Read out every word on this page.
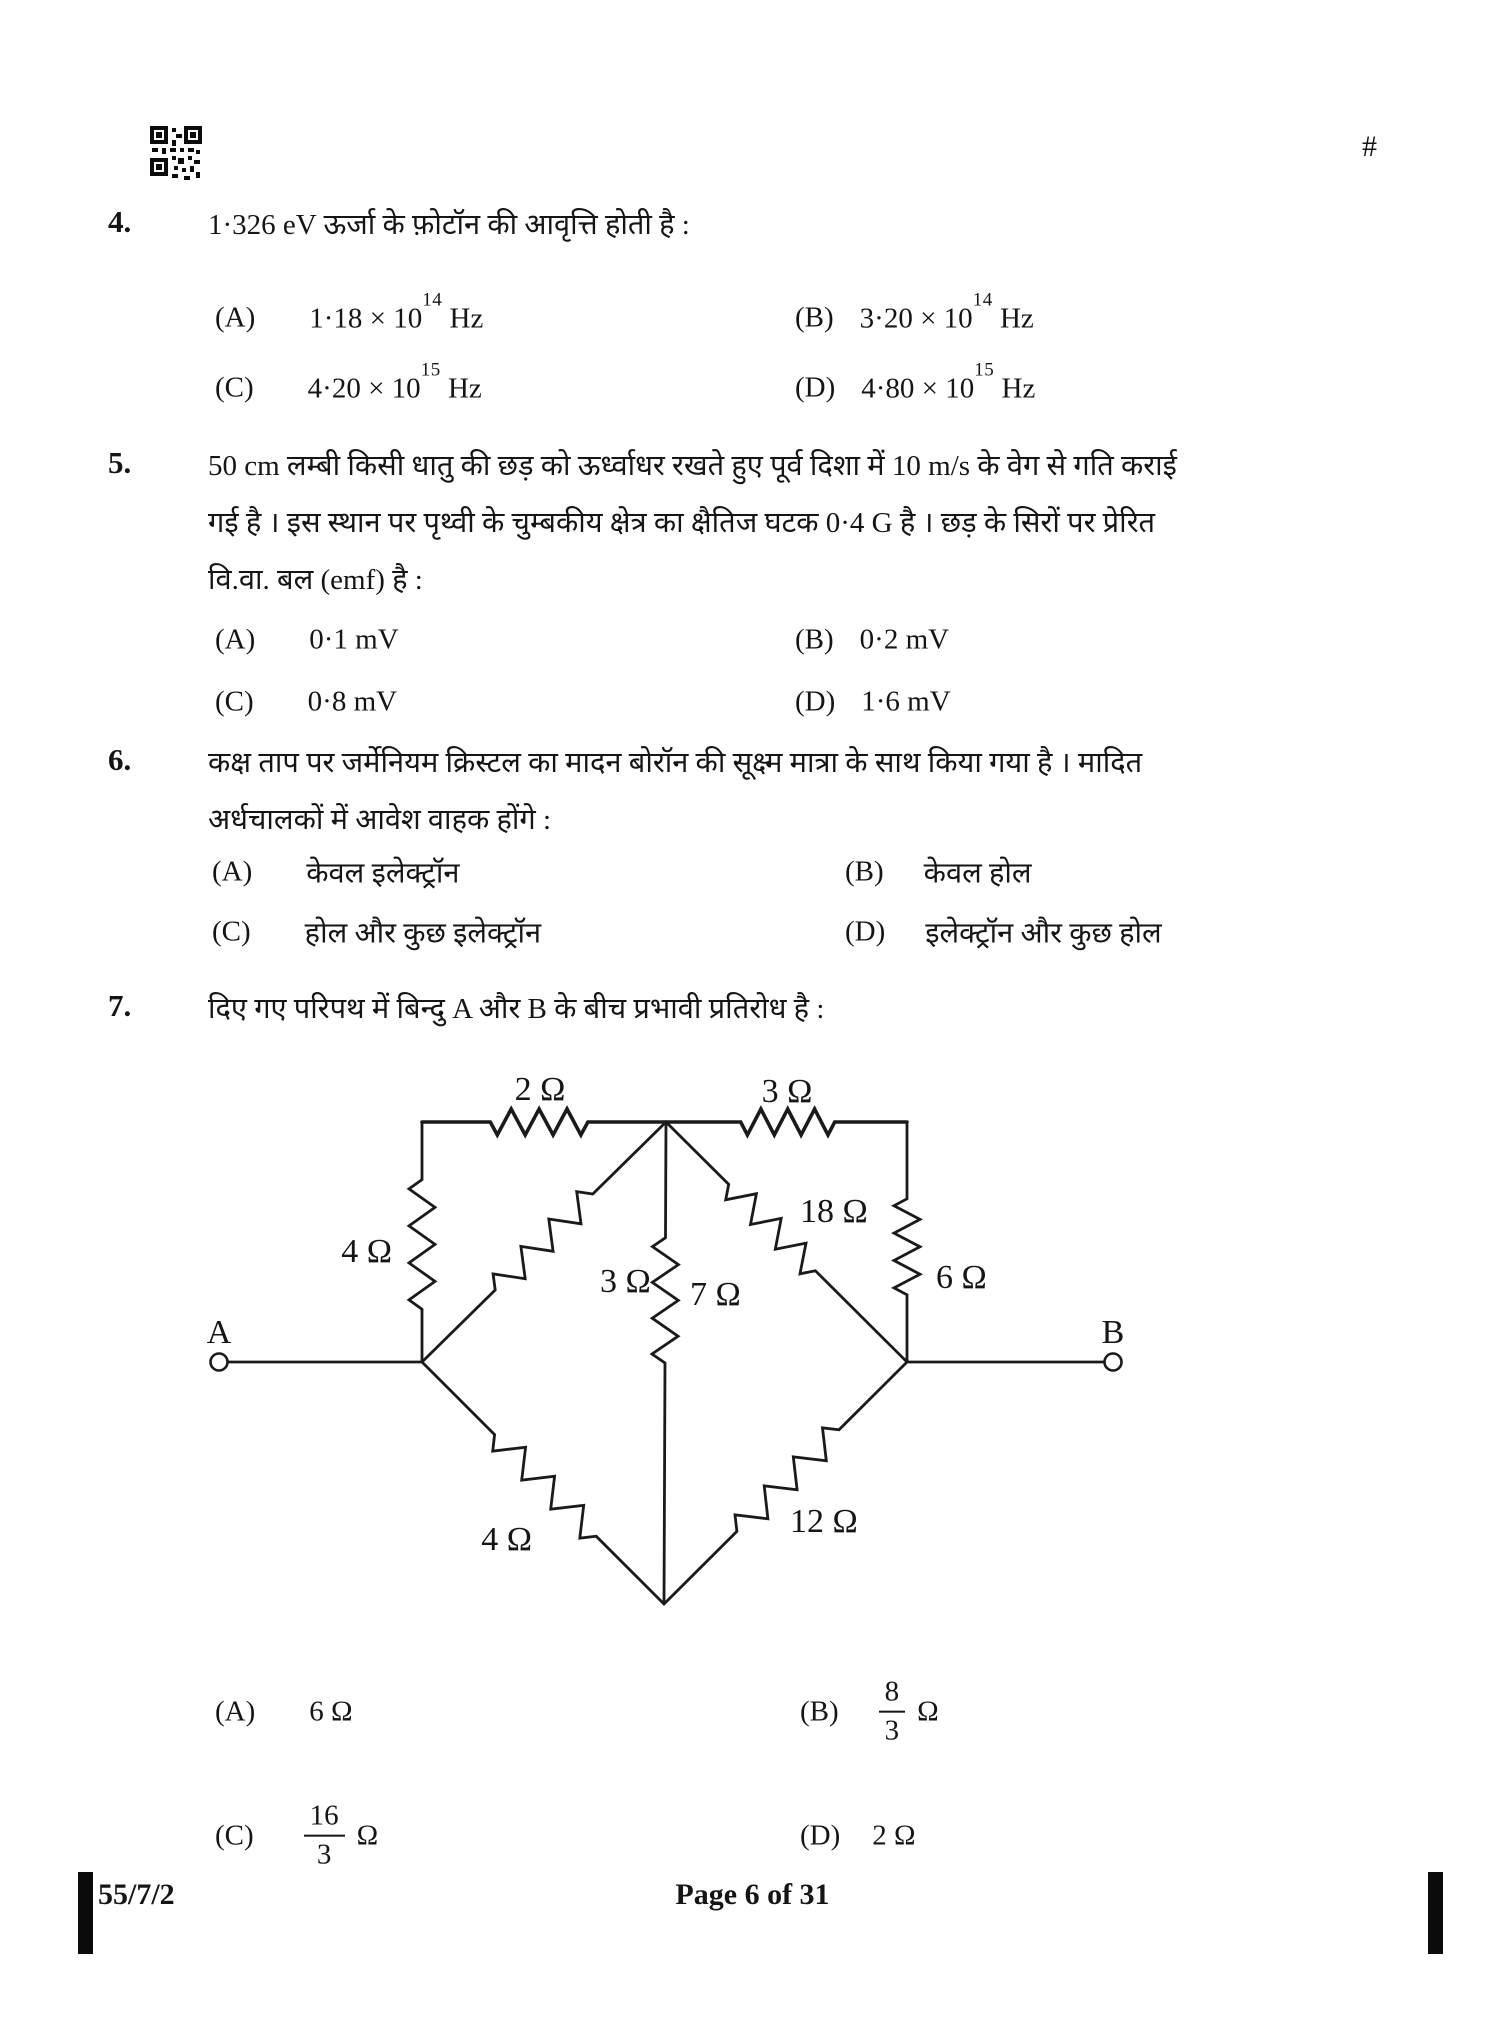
#
4.	1·326 eV ऊर्जा के फ़ोटॉन की आवृत्ति होती है :
(A) $1\cdot 18 \times 10^{14}$ Hz	(B) $3\cdot 20 \times 10^{14}$ Hz
(C) $4\cdot 20 \times 10^{15}$ Hz	(D) $4\cdot 80 \times 10^{15}$ Hz
5.	50 cm लम्बी किसी धातु की छड़ को ऊर्ध्वाधर रखते हुए पूर्व दिशा में 10 m/s के वेग से गति कराई
गई है । इस स्थान पर पृथ्वी के चुम्बकीय क्षेत्र का क्षैतिज घटक 0·4 G है । छड़ के सिरों पर प्रेरित
वि.वा. बल (emf) है :
(A) 0·1 mV	(B) 0·2 mV
(C) 0·8 mV	(D) 1·6 mV
6.	कक्ष ताप पर जर्मेनियम क्रिस्टल का मादन बोरॉन की सूक्ष्म मात्रा के साथ किया गया है । मादित
अर्धचालकों में आवेश वाहक होंगे :
(A) केवल इलेक्ट्रॉन	(B) केवल होल
(C) होल और कुछ इलेक्ट्रॉन	(D) इलेक्ट्रॉन और कुछ होल
7.	दिए गए परिपथ में बिन्दु A और B के बीच प्रभावी प्रतिरोध है :
A	B
2 Ω	3 Ω
4 Ω
6 Ω
18 Ω
3 Ω 7 Ω
4 Ω	12 Ω
(A) 6 Ω	$(B) \frac{8}{3}$ Ω
$(C) \frac{16}{3}$ Ω	(D) 2 Ω
55/7/2	Page 6 of 31
